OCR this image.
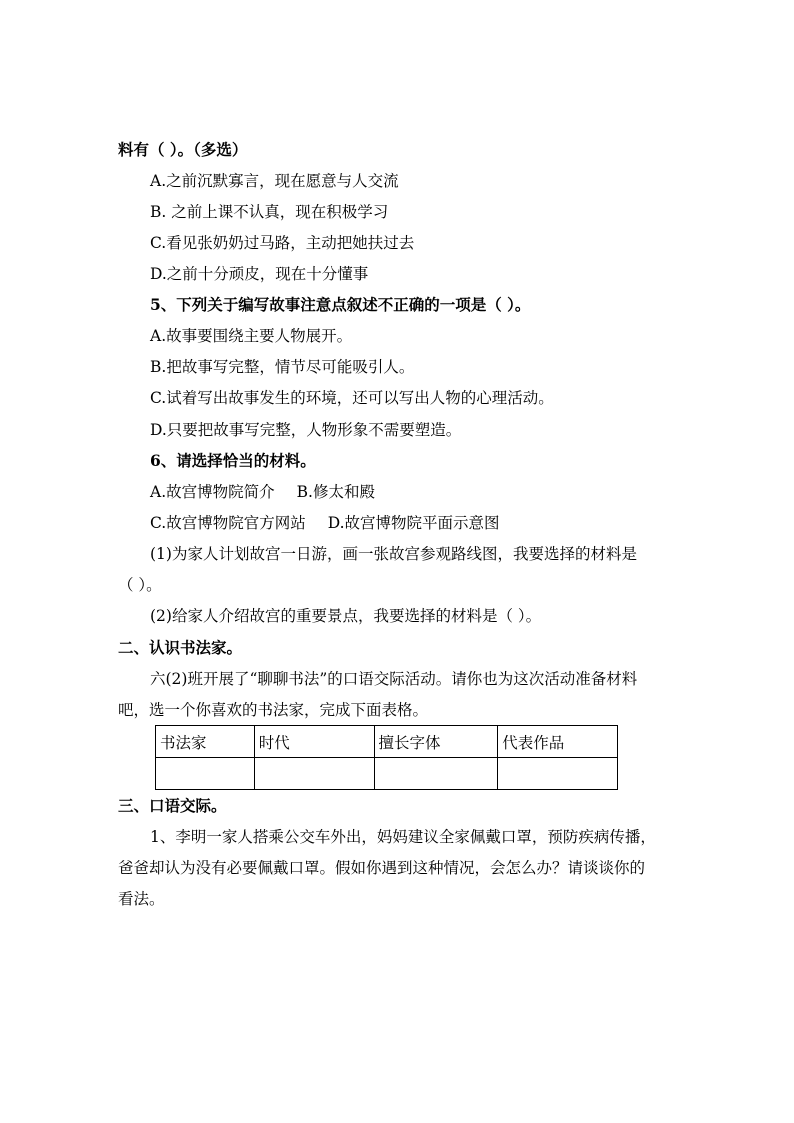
料有（ ）。（多选）
A.之前沉默寡言，现在愿意与人交流
B. 之前上课不认真，现在积极学习
C.看见张奶奶过马路，主动把她扶过去
D.之前十分顽皮，现在十分懂事
5、下列关于编写故事注意点叙述不正确的一项是（ ）。
A.故事要围绕主要人物展开。
B.把故事写完整，情节尽可能吸引人。
C.试着写出故事发生的环境，还可以写出人物的心理活动。
D.只要把故事写完整，人物形象不需要塑造。
6、请选择恰当的材料。
A.故宫博物院简介 B.修太和殿
C.故宫博物院官方网站 D.故宫博物院平面示意图
(1)为家人计划故宫一日游，画一张故宫参观路线图，我要选择的材料是
（ ）。
(2)给家人介绍故宫的重要景点，我要选择的材料是（ ）。
二、认识书法家。
六(2)班开展了“聊聊书法”的口语交际活动。请你也为这次活动准备材料
吧，选一个你喜欢的书法家，完成下面表格。
书法家	时代	擅长字体	代表作品

三、口语交际。
1、李明一家人搭乘公交车外出，妈妈建议全家佩戴口罩，预防疾病传播，
爸爸却认为没有必要佩戴口罩。假如你遇到这种情况，会怎么办？请谈谈你的
看法。
